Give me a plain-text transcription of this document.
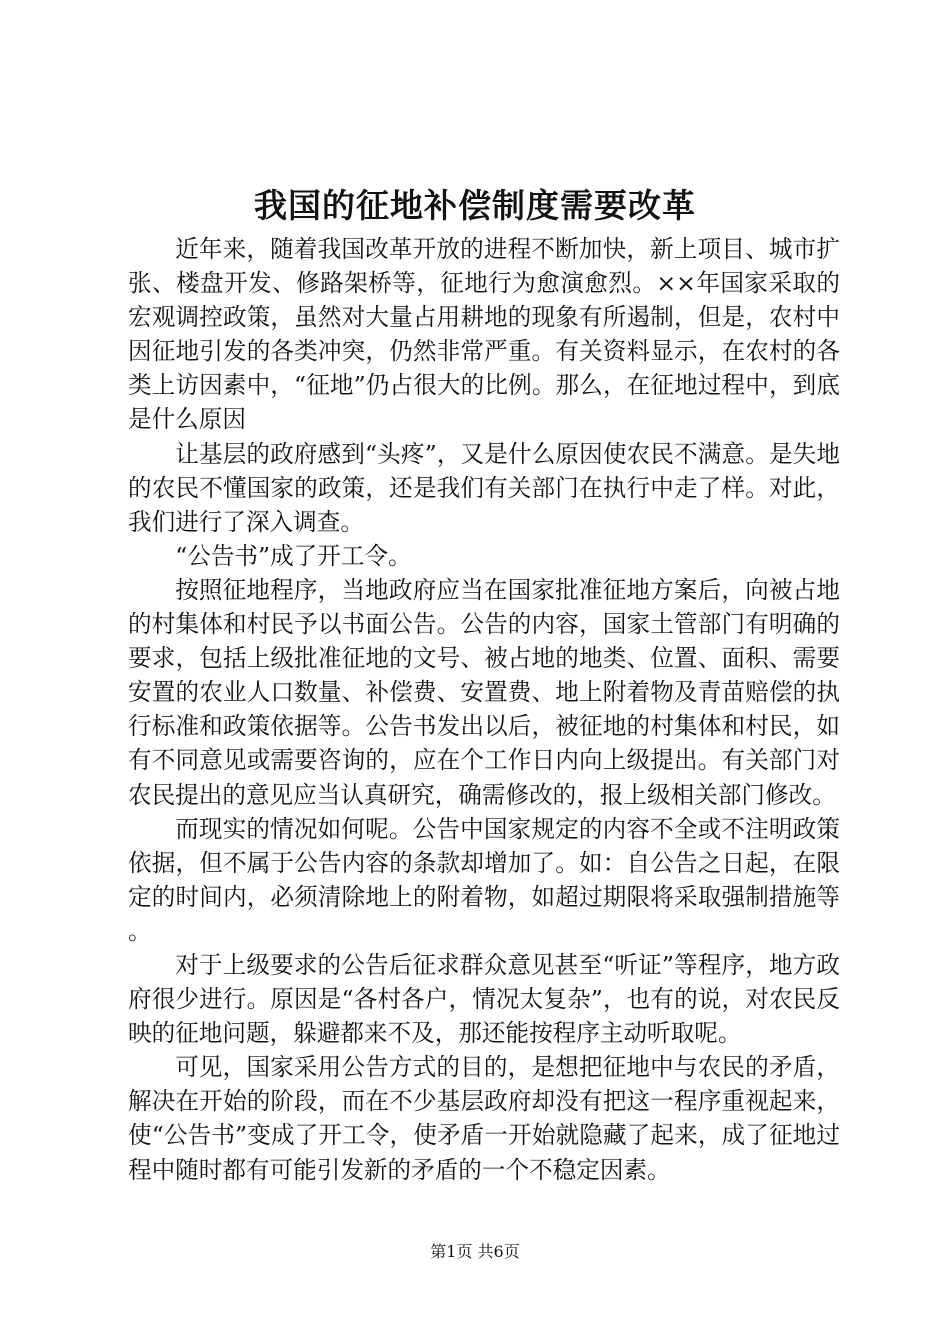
我国的征地补偿制度需要改革

近年来，随着我国改革开放的进程不断加快，新上项目、城市扩张、楼盘开发、修路架桥等，征地行为愈演愈烈。××年国家采取的宏观调控政策，虽然对大量占用耕地的现象有所遏制，但是，农村中因征地引发的各类冲突，仍然非常严重。有关资料显示，在农村的各类上访因素中，“征地”仍占很大的比例。那么，在征地过程中，到底是什么原因

让基层的政府感到“头疼”，又是什么原因使农民不满意。是失地的农民不懂国家的政策，还是我们有关部门在执行中走了样。对此，我们进行了深入调查。

“公告书”成了开工令。

按照征地程序，当地政府应当在国家批准征地方案后，向被占地的村集体和村民予以书面公告。公告的内容，国家土管部门有明确的要求，包括上级批准征地的文号、被占地的地类、位置、面积、需要安置的农业人口数量、补偿费、安置费、地上附着物及青苗赔偿的执行标准和政策依据等。公告书发出以后，被征地的村集体和村民，如有不同意见或需要咨询的，应在个工作日内向上级提出。有关部门对农民提出的意见应当认真研究，确需修改的，报上级相关部门修改。

而现实的情况如何呢。公告中国家规定的内容不全或不注明政策依据，但不属于公告内容的条款却增加了。如：自公告之日起，在限定的时间内，必须清除地上的附着物，如超过期限将采取强制措施等。

对于上级要求的公告后征求群众意见甚至“听证”等程序，地方政府很少进行。原因是“各村各户，情况太复杂”，也有的说，对农民反映的征地问题，躲避都来不及，那还能按程序主动听取呢。

可见，国家采用公告方式的目的，是想把征地中与农民的矛盾，解决在开始的阶段，而在不少基层政府却没有把这一程序重视起来，使“公告书”变成了开工令，使矛盾一开始就隐藏了起来，成了征地过程中随时都有可能引发新的矛盾的一个不稳定因素。

第1页 共6页
